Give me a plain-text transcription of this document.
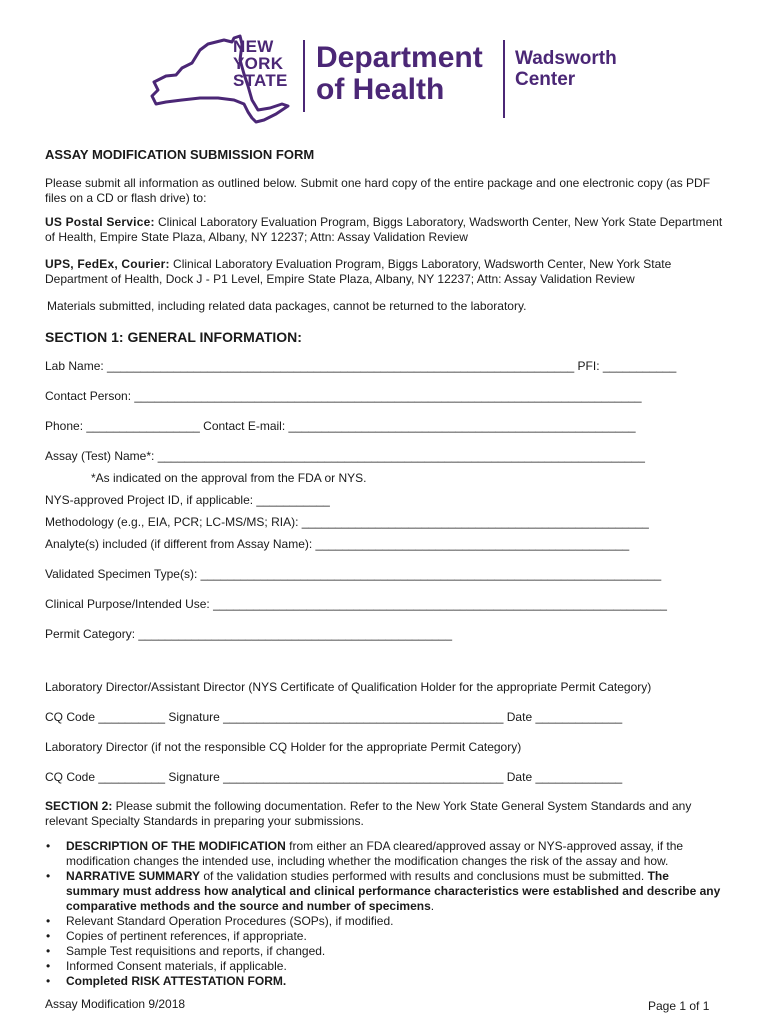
NEW
YORK
STATE
Department
of Health
Wadsworth
Center
ASSAY MODIFICATION SUBMISSION FORM

Please submit all information as outlined below. Submit one hard copy of the entire package and one electronic copy (as PDF files on a CD or flash drive) to:

US Postal Service: Clinical Laboratory Evaluation Program, Biggs Laboratory, Wadsworth Center, New York State Department of Health, Empire State Plaza, Albany, NY 12237; Attn: Assay Validation Review

UPS, FedEx, Courier: Clinical Laboratory Evaluation Program, Biggs Laboratory, Wadsworth Center, New York State Department of Health, Dock J - P1 Level, Empire State Plaza, Albany, NY 12237; Attn: Assay Validation Review

Materials submitted, including related data packages, cannot be returned to the laboratory.

SECTION 1: GENERAL INFORMATION:
Lab Name: ______________________________________________________________________ PFI: ___________
Contact Person: ____________________________________________________________________________
Phone: _________________ Contact E-mail: ____________________________________________________
Assay (Test) Name*: _________________________________________________________________________
*As indicated on the approval from the FDA or NYS.
NYS-approved Project ID, if applicable: ___________
Methodology (e.g., EIA, PCR; LC-MS/MS; RIA): ____________________________________________________
Analyte(s) included (if different from Assay Name): _______________________________________________
Validated Specimen Type(s): _____________________________________________________________________
Clinical Purpose/Intended Use: ____________________________________________________________________
Permit Category: _______________________________________________
Laboratory Director/Assistant Director (NYS Certificate of Qualification Holder for the appropriate Permit Category)
CQ Code __________ Signature __________________________________________ Date _____________
Laboratory Director (if not the responsible CQ Holder for the appropriate Permit Category)
CQ Code __________ Signature __________________________________________ Date _____________

SECTION 2: Please submit the following documentation. Refer to the New York State General System Standards and any relevant Specialty Standards in preparing your submissions.

• DESCRIPTION OF THE MODIFICATION from either an FDA cleared/approved assay or NYS-approved assay, if the modification changes the intended use, including whether the modification changes the risk of the assay and how.
• NARRATIVE SUMMARY of the validation studies performed with results and conclusions must be submitted. The summary must address how analytical and clinical performance characteristics were established and describe any comparative methods and the source and number of specimens.
• Relevant Standard Operation Procedures (SOPs), if modified.
• Copies of pertinent references, if appropriate.
• Sample Test requisitions and reports, if changed.
• Informed Consent materials, if applicable.
• Completed RISK ATTESTATION FORM.
Assay Modification 9/2018	Page 1 of 1
